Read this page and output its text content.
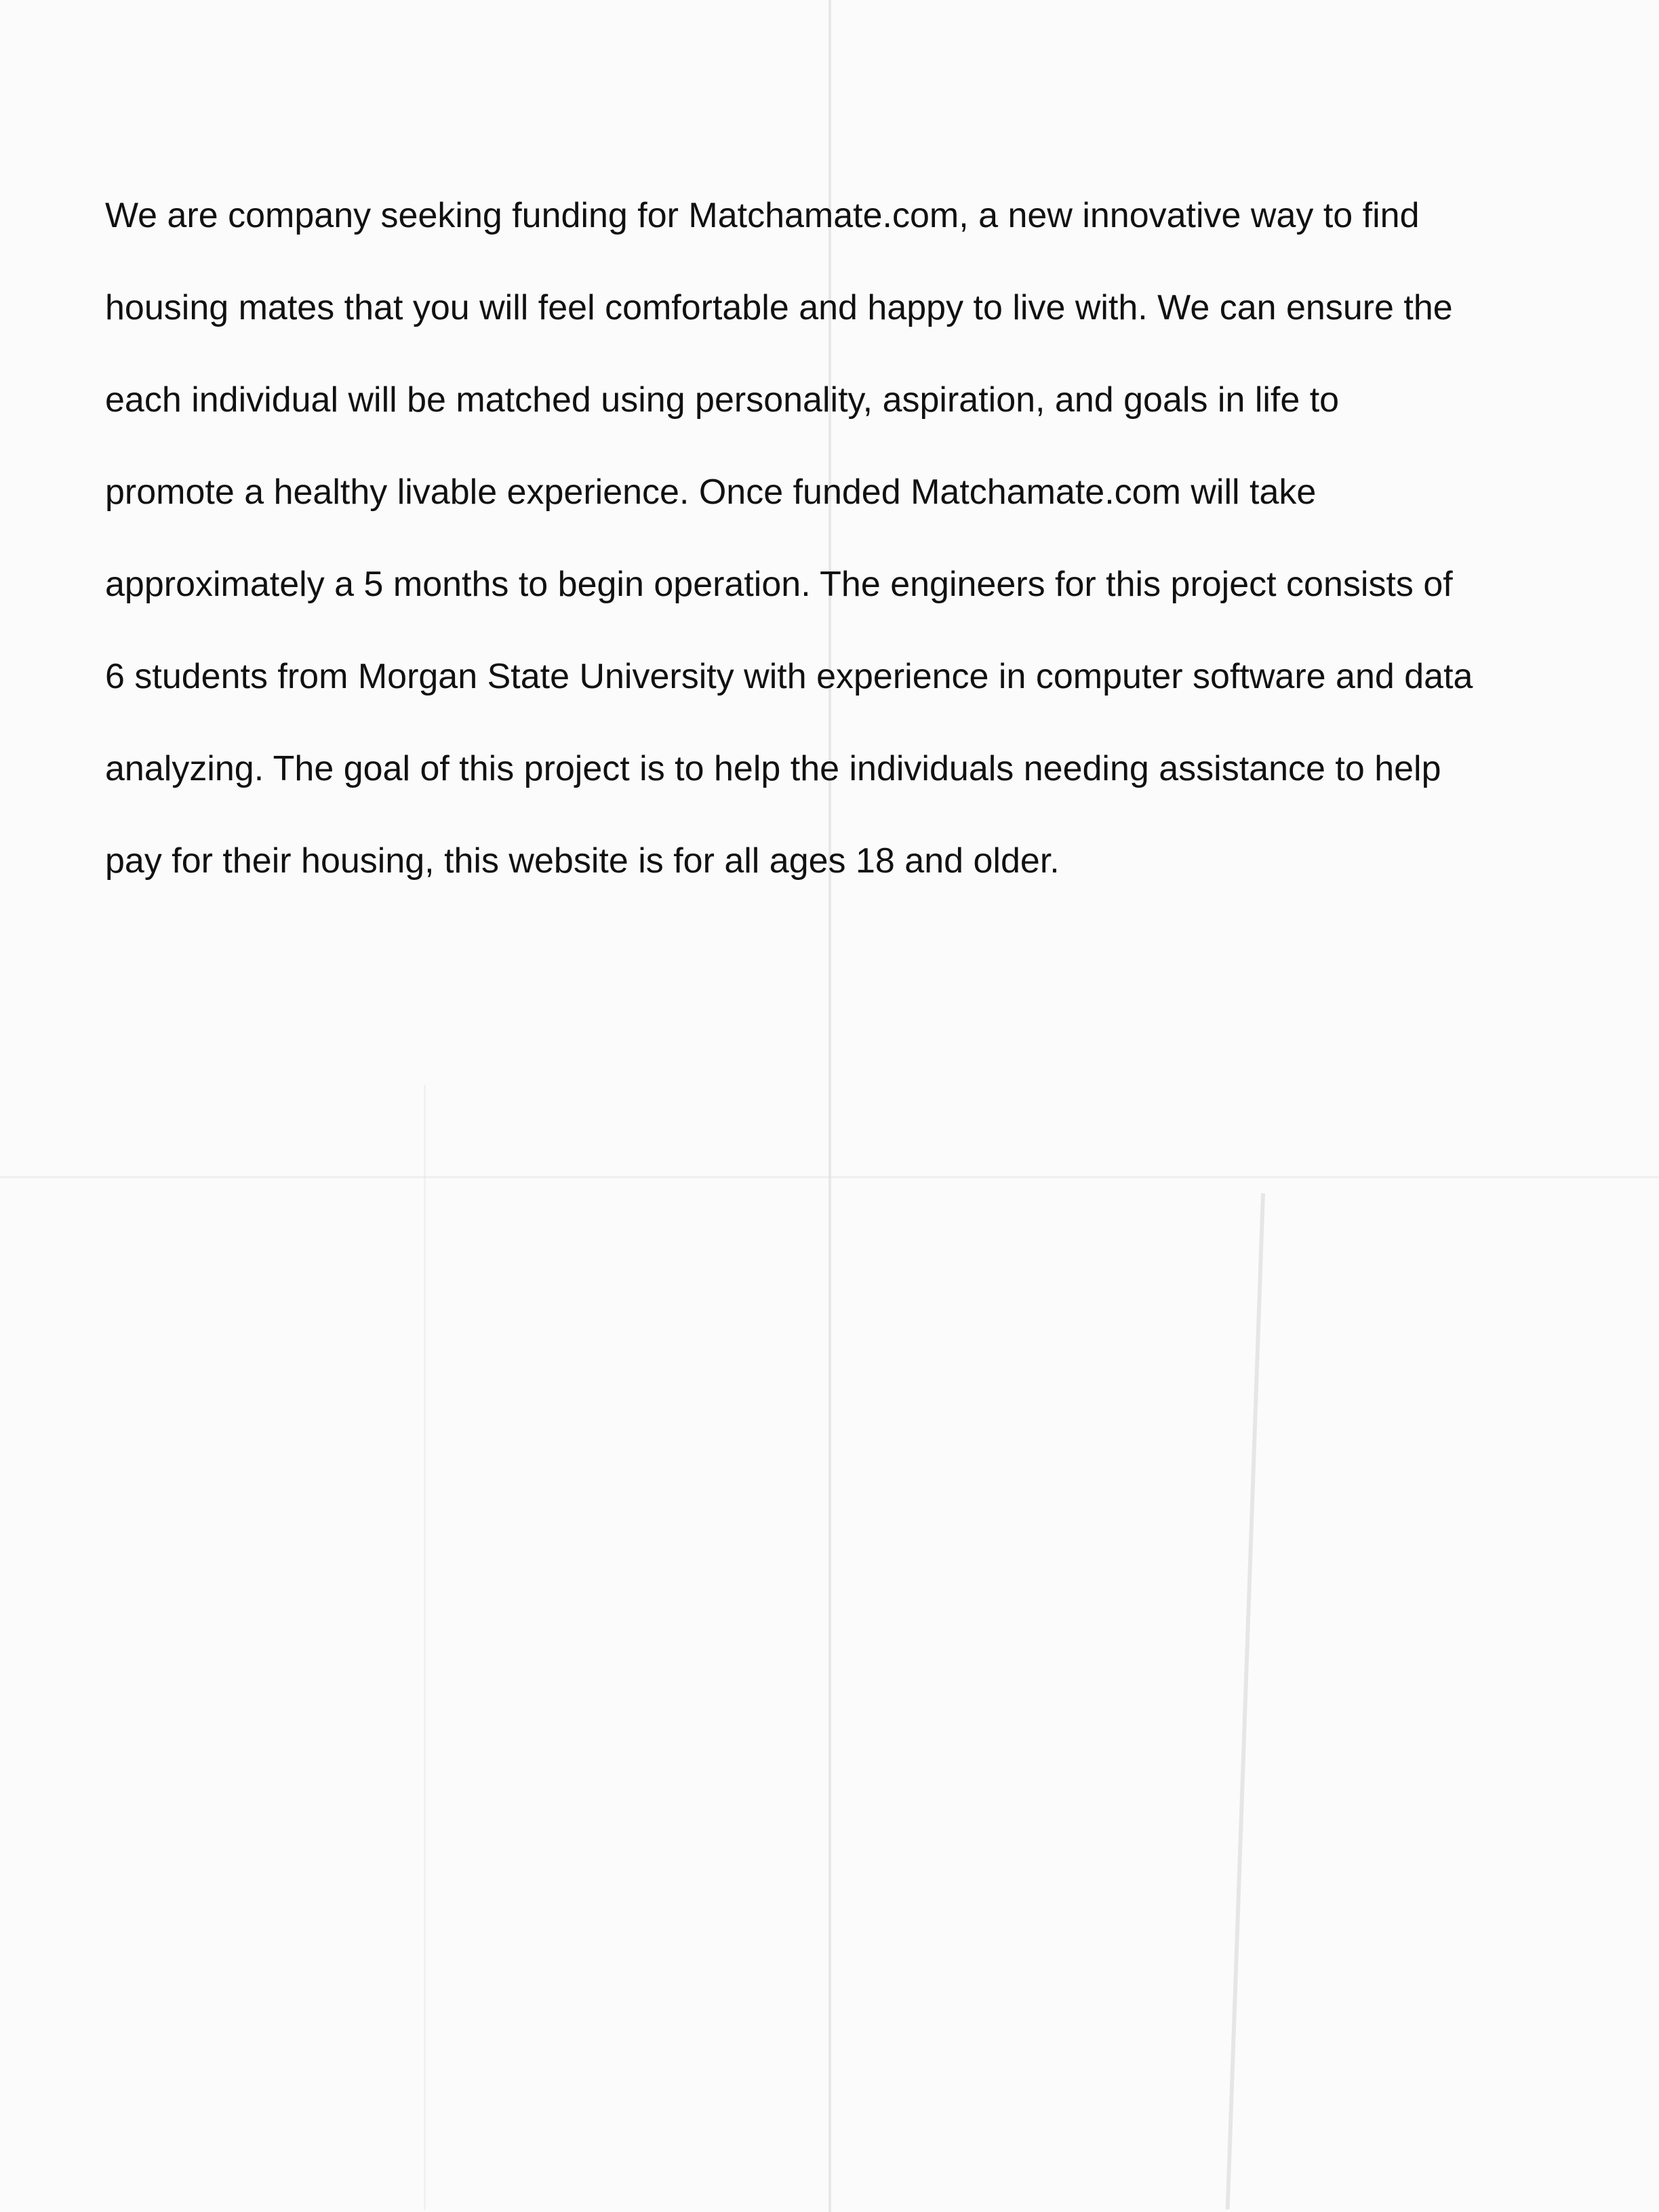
We are company seeking funding for Matchamate.com, a new innovative way to find
housing mates that you will feel comfortable and happy to live with. We can ensure the
each individual will be matched using personality, aspiration, and goals in life to
promote a healthy livable experience. Once funded Matchamate.com will take
approximately a 5 months to begin operation. The engineers for this project consists of
6 students from Morgan State University with experience in computer software and data
analyzing. The goal of this project is to help the individuals needing assistance to help
pay for their housing, this website is for all ages 18 and older.
